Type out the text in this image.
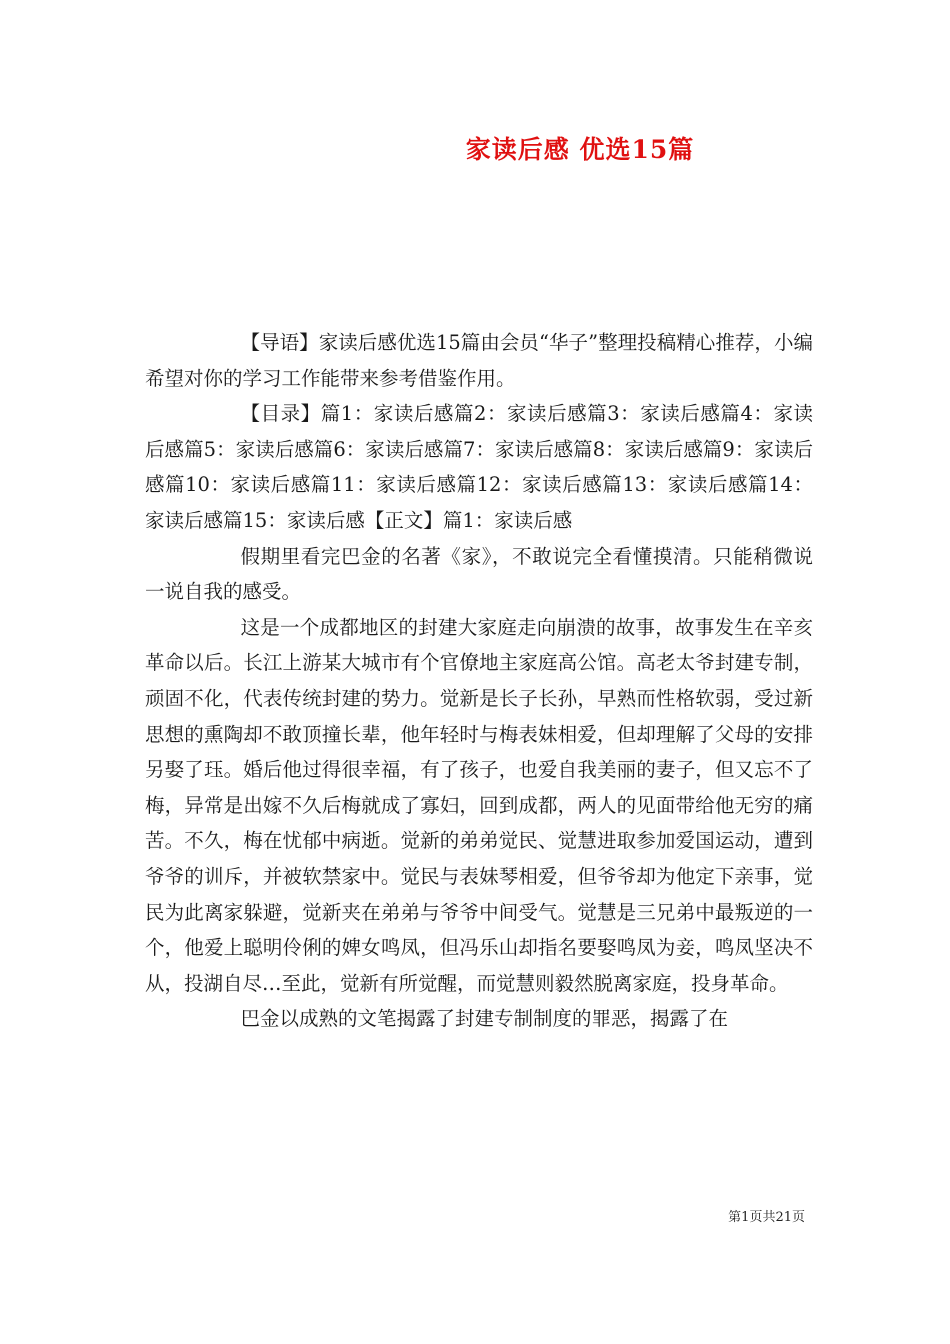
家读后感 优选15篇

【导语】家读后感优选15篇由会员“华子”整理投稿精心推荐，小编希望对你的学习工作能带来参考借鉴作用。

【目录】篇1：家读后感篇2：家读后感篇3：家读后感篇4：家读后感篇5：家读后感篇6：家读后感篇7：家读后感篇8：家读后感篇9：家读后感篇10：家读后感篇11：家读后感篇12：家读后感篇13：家读后感篇14：家读后感篇15：家读后感【正文】篇1：家读后感

假期里看完巴金的名著《家》，不敢说完全看懂摸清。只能稍微说一说自我的感受。

这是一个成都地区的封建大家庭走向崩溃的故事，故事发生在辛亥革命以后。长江上游某大城市有个官僚地主家庭高公馆。高老太爷封建专制，顽固不化，代表传统封建的势力。觉新是长子长孙，早熟而性格软弱，受过新思想的熏陶却不敢顶撞长辈，他年轻时与梅表妹相爱，但却理解了父母的安排另娶了珏。婚后他过得很幸福，有了孩子，也爱自我美丽的妻子，但又忘不了梅，异常是出嫁不久后梅就成了寡妇，回到成都，两人的见面带给他无穷的痛苦。不久，梅在忧郁中病逝。觉新的弟弟觉民、觉慧进取参加爱国运动，遭到爷爷的训斥，并被软禁家中。觉民与表妹琴相爱，但爷爷却为他定下亲事，觉民为此离家躲避，觉新夹在弟弟与爷爷中间受气。觉慧是三兄弟中最叛逆的一个，他爱上聪明伶俐的婢女鸣凤，但冯乐山却指名要娶鸣凤为妾，鸣凤坚决不从，投湖自尽…至此，觉新有所觉醒，而觉慧则毅然脱离家庭，投身革命。

巴金以成熟的文笔揭露了封建专制制度的罪恶，揭露了在

第1页共21页
